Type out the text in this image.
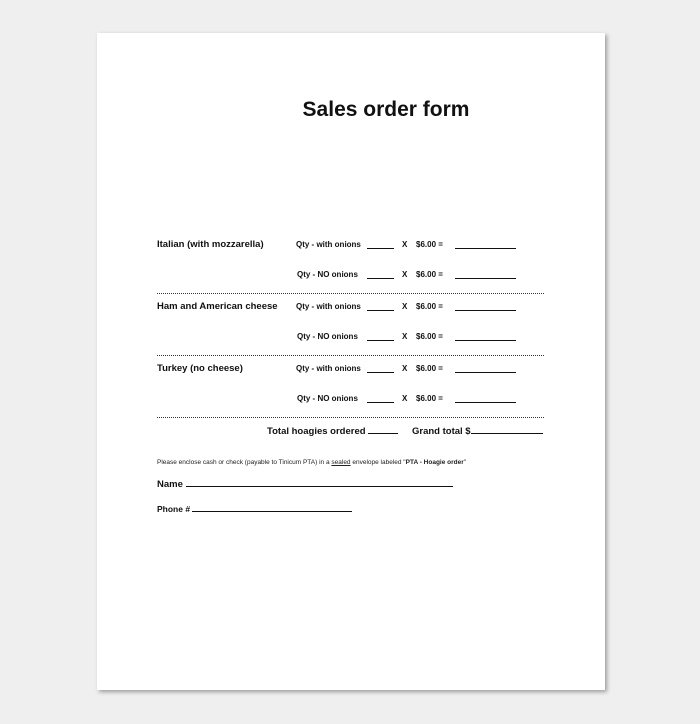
Sales order form
Italian (with mozzarella)	Qty - with onions	X $6.00 =
Qty - NO onions	X $6.00 =
Ham and American cheese Qty - with onions	X $6.00 =
Qty - NO onions	X $6.00 =
Turkey (no cheese)	Qty - with onions	X $6.00 =
Qty - NO onions	X $6.00 =
Total hoagies ordered	Grand total $
Please enclose cash or check (payable to Tinicum PTA) in a sealed envelope labeled "PTA - Hoagie order"
Name
Phone #
